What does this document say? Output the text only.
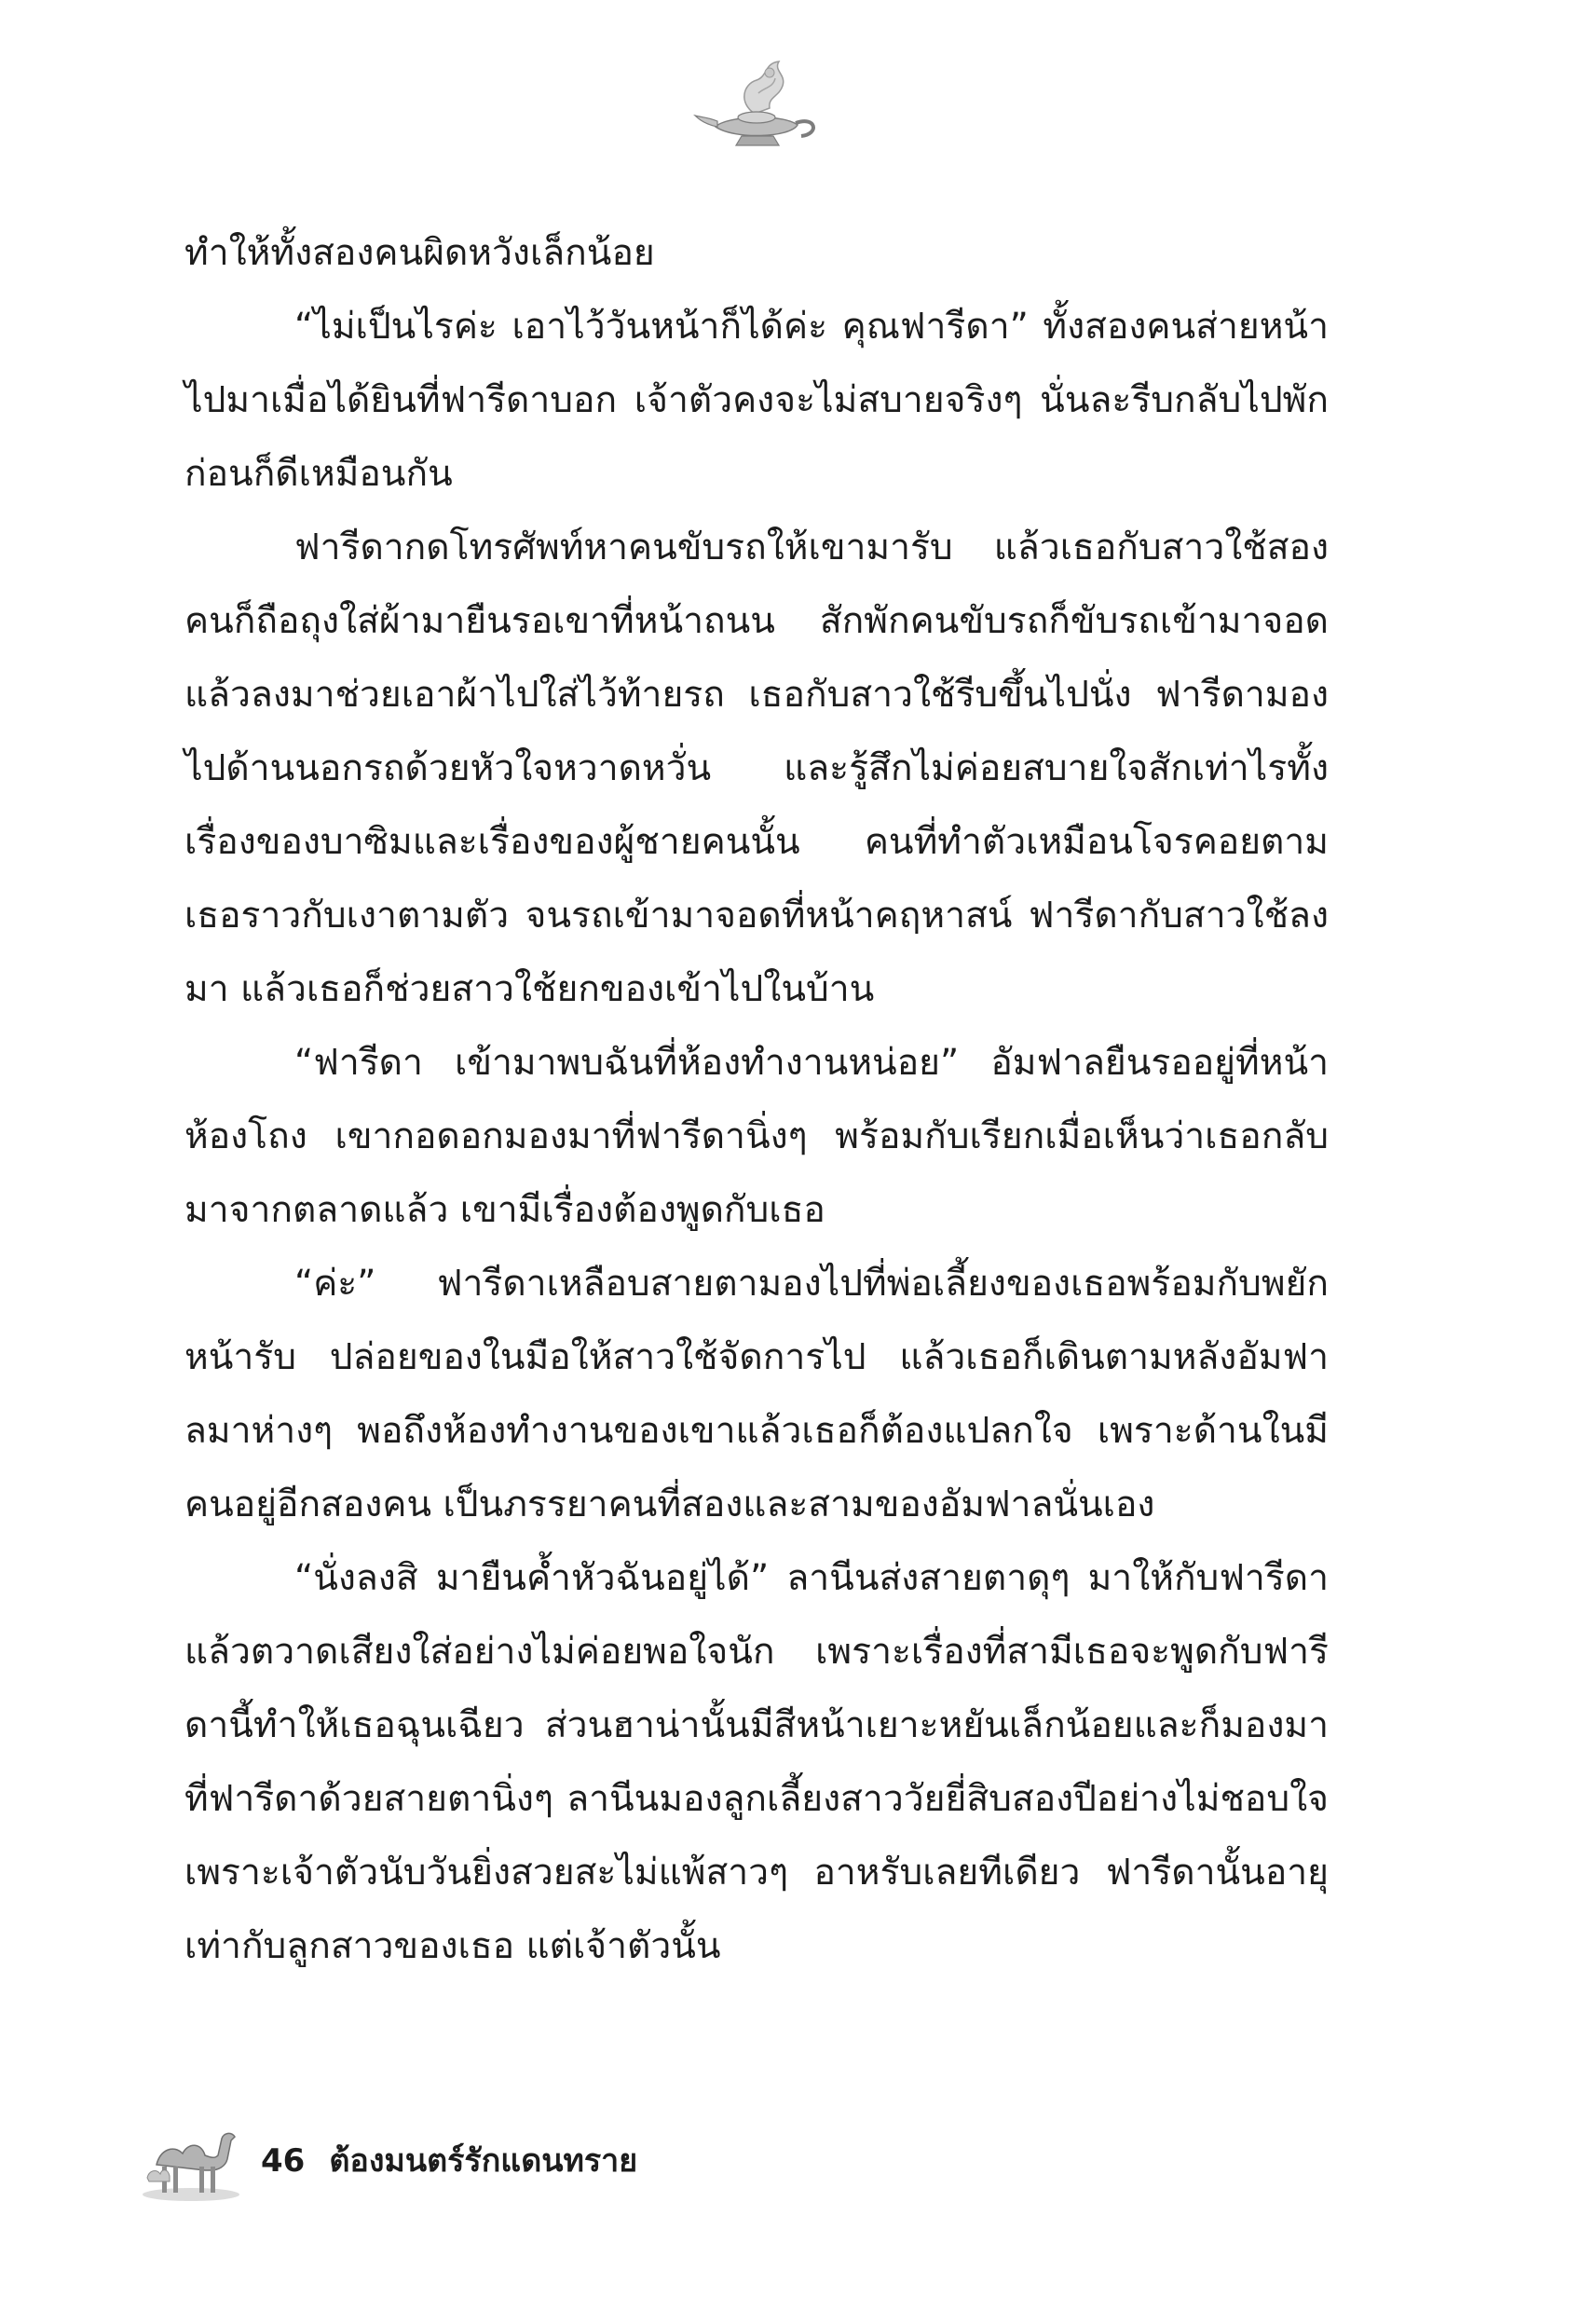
ทำให้ทั้งสองคนผิดหวังเล็กน้อย

“ไม่เป็นไรค่ะ เอาไว้วันหน้าก็ได้ค่ะ คุณฟารีดา” ทั้งสองคนส่ายหน้าไปมาเมื่อได้ยินที่ฟารีดาบอก เจ้าตัวคงจะไม่สบายจริงๆ นั่นละรีบกลับไปพักก่อนก็ดีเหมือนกัน

ฟารีดากดโทรศัพท์หาคนขับรถให้เขามารับ แล้วเธอกับสาวใช้สองคนก็ถือถุงใส่ผ้ามายืนรอเขาที่หน้าถนน สักพักคนขับรถก็ขับรถเข้ามาจอด แล้วลงมาช่วยเอาผ้าไปใส่ไว้ท้ายรถ เธอกับสาวใช้รีบขึ้นไปนั่ง ฟารีดามองไปด้านนอกรถด้วยหัวใจหวาดหวั่น และรู้สึกไม่ค่อยสบายใจสักเท่าไรทั้งเรื่องของบาซิมและเรื่องของผู้ชายคนนั้น คนที่ทำตัวเหมือนโจรคอยตามเธอราวกับเงาตามตัว จนรถเข้ามาจอดที่หน้าคฤหาสน์ ฟารีดากับสาวใช้ลงมา แล้วเธอก็ช่วยสาวใช้ยกของเข้าไปในบ้าน

“ฟารีดา เข้ามาพบฉันที่ห้องทำงานหน่อย” อัมฟาลยืนรออยู่ที่หน้าห้องโถง เขากอดอกมองมาที่ฟารีดานิ่งๆ พร้อมกับเรียกเมื่อเห็นว่าเธอกลับมาจากตลาดแล้ว เขามีเรื่องต้องพูดกับเธอ

“ค่ะ” ฟารีดาเหลือบสายตามองไปที่พ่อเลี้ยงของเธอพร้อมกับพยักหน้ารับ ปล่อยของในมือให้สาวใช้จัดการไป แล้วเธอก็เดินตามหลังอัมฟาลมาห่างๆ พอถึงห้องทำงานของเขาแล้วเธอก็ต้องแปลกใจ เพราะด้านในมีคนอยู่อีกสองคน เป็นภรรยาคนที่สองและสามของอัมฟาลนั่นเอง

“นั่งลงสิ มายืนค้ำหัวฉันอยู่ได้” ลานีนส่งสายตาดุๆ มาให้กับฟารีดาแล้วตวาดเสียงใส่อย่างไม่ค่อยพอใจนัก เพราะเรื่องที่สามีเธอจะพูดกับฟารีดานี้ทำให้เธอฉุนเฉียว ส่วนฮาน่านั้นมีสีหน้าเยาะหยันเล็กน้อยและก็มองมาที่ฟารีดาด้วยสายตานิ่งๆ ลานีนมองลูกเลี้ยงสาววัยยี่สิบสองปีอย่างไม่ชอบใจ เพราะเจ้าตัวนับวันยิ่งสวยสะไม่แพ้สาวๆ อาหรับเลยทีเดียว ฟารีดานั้นอายุเท่ากับลูกสาวของเธอ แต่เจ้าตัวนั้น

46 ต้องมนตร์รักแดนทราย
